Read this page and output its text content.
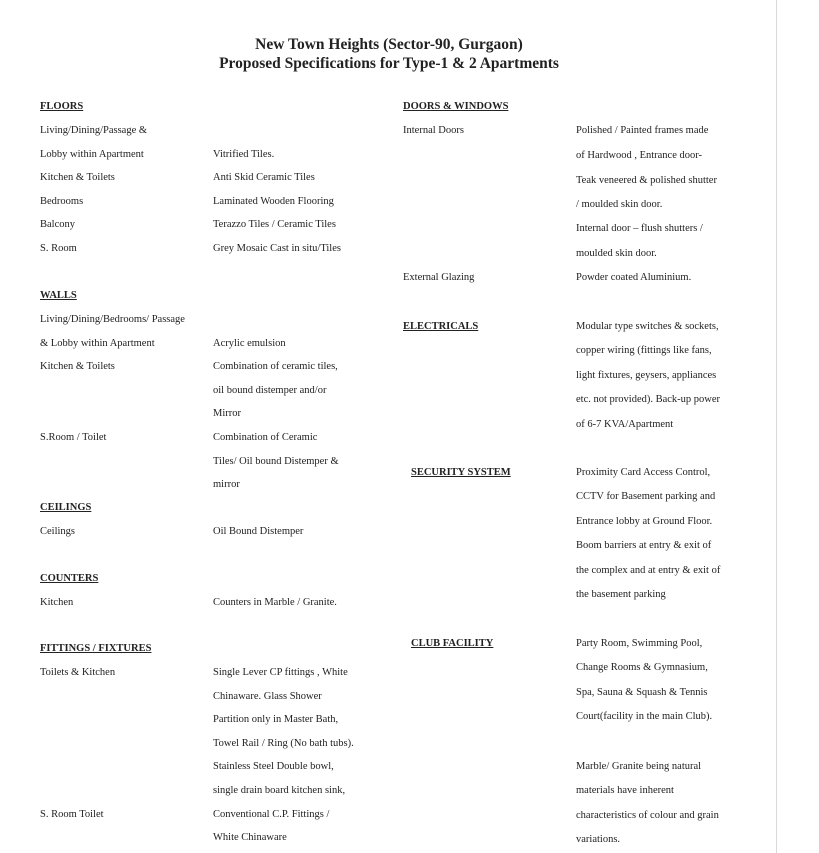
New Town Heights (Sector-90, Gurgaon)
Proposed Specifications for Type-1 & 2 Apartments
FLOORS
Living/Dining/Passage &
Lobby within Apartment	Vitrified Tiles.
Kitchen & Toilets	Anti Skid Ceramic Tiles
Bedrooms	Laminated Wooden Flooring
Balcony	Terazzo Tiles / Ceramic Tiles
S. Room	Grey Mosaic Cast in situ/Tiles
WALLS
Living/Dining/Bedrooms/ Passage
& Lobby within Apartment	Acrylic emulsion
Kitchen & Toilets	Combination of ceramic tiles,
oil bound distemper and/or
Mirror
S.Room / Toilet	Combination of Ceramic
Tiles/ Oil bound Distemper &
mirror
CEILINGS
Ceilings	Oil Bound Distemper
COUNTERS
Kitchen	Counters in Marble / Granite.
FITTINGS / FIXTURES
Toilets & Kitchen	Single Lever CP fittings , White
Chinaware. Glass Shower
Partition only in Master Bath,
Towel Rail / Ring (No bath tubs).
Stainless Steel Double bowl,
single drain board kitchen sink,
S. Room Toilet	Conventional C.P. Fittings /
White Chinaware
DOORS & WINDOWS
Internal Doors	Polished / Painted frames made
of Hardwood , Entrance door-
Teak veneered & polished shutter
/ moulded skin door.
Internal door – flush shutters /
moulded skin door.
External Glazing	Powder coated Aluminium.
ELECTRICALS	Modular type switches & sockets,
copper wiring (fittings like fans,
light fixtures, geysers, appliances
etc. not provided). Back-up power
of 6-7 KVA/Apartment
SECURITY SYSTEM	Proximity Card Access Control,
CCTV for Basement parking and
Entrance lobby at Ground Floor.
Boom barriers at entry & exit of
the complex and at entry & exit of
the basement parking
CLUB FACILITY	Party Room, Swimming Pool,
Change Rooms & Gymnasium,
Spa, Sauna & Squash & Tennis
Court(facility in the main Club).
Marble/ Granite being natural
materials have inherent
characteristics of colour and grain
variations.
